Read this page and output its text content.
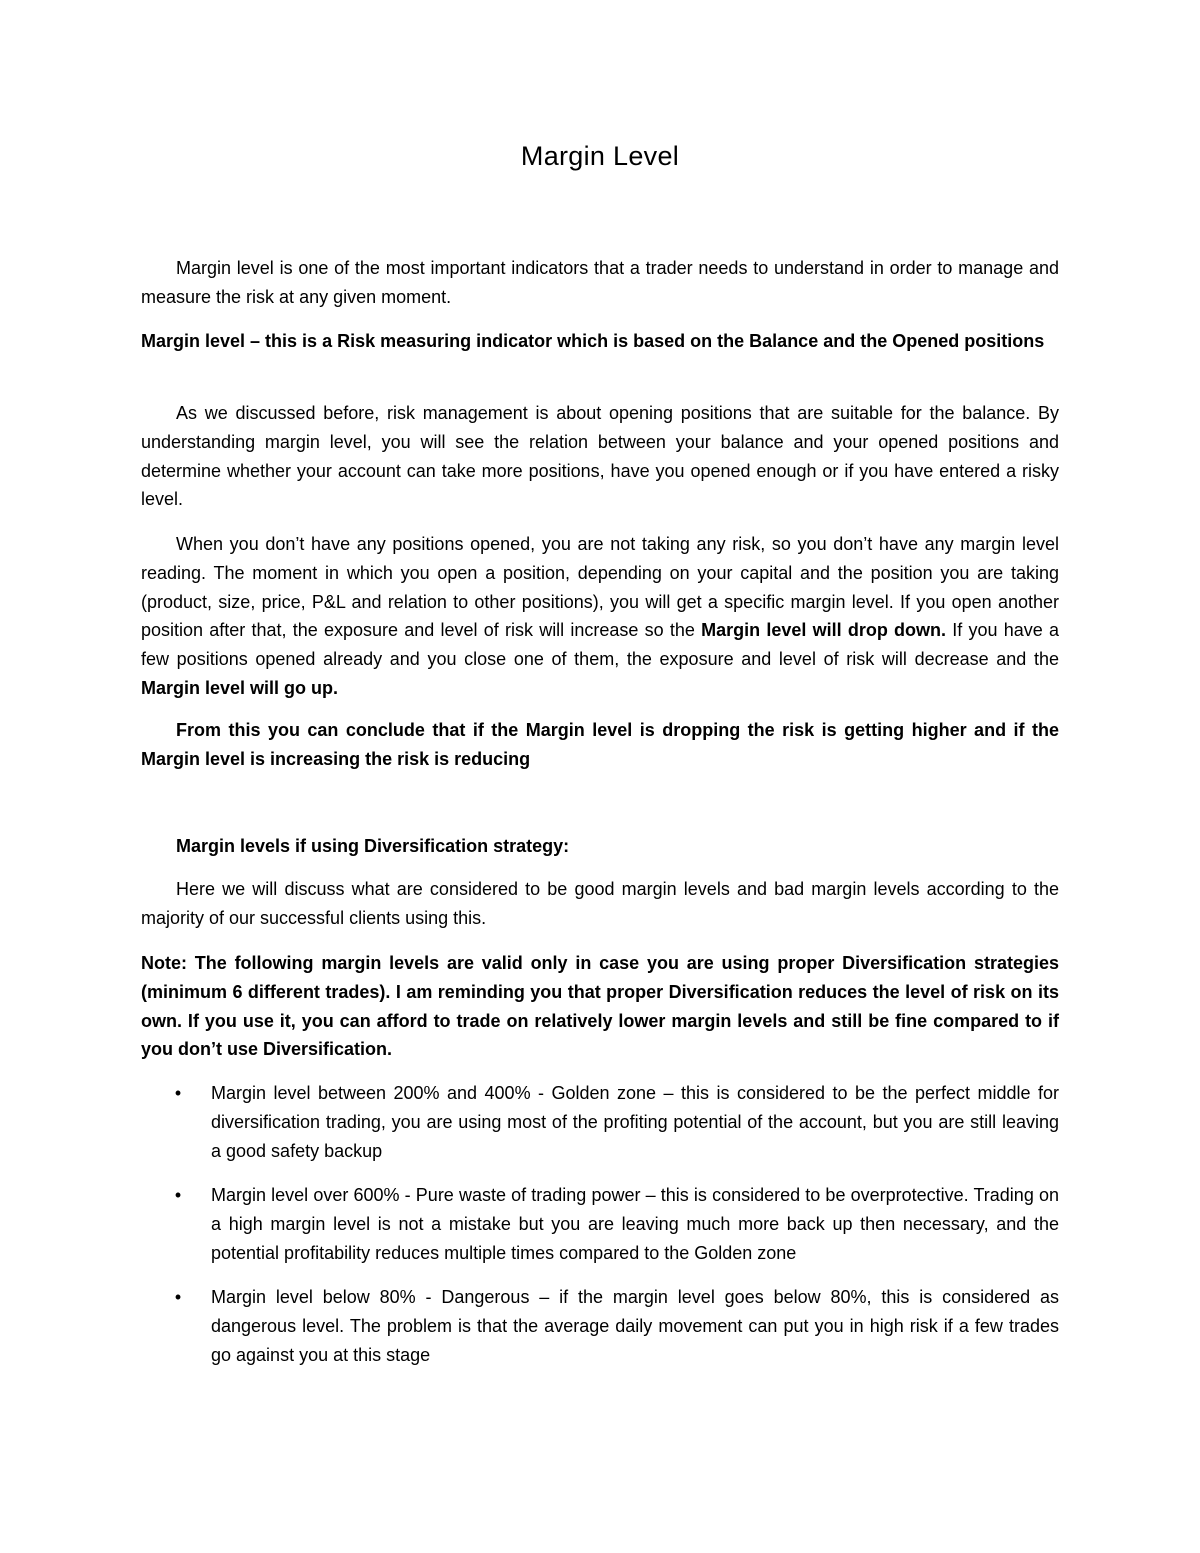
Margin Level

Margin level is one of the most important indicators that a trader needs to understand in order to manage and measure the risk at any given moment.

Margin level – this is a Risk measuring indicator which is based on the Balance and the Opened positions

As we discussed before, risk management is about opening positions that are suitable for the balance. By understanding margin level, you will see the relation between your balance and your opened positions and determine whether your account can take more positions, have you opened enough or if you have entered a risky level.

When you don’t have any positions opened, you are not taking any risk, so you don’t have any margin level reading. The moment in which you open a position, depending on your capital and the position you are taking (product, size, price, P&L and relation to other positions), you will get a specific margin level. If you open another position after that, the exposure and level of risk will increase so the Margin level will drop down. If you have a few positions opened already and you close one of them, the exposure and level of risk will decrease and the Margin level will go up.

From this you can conclude that if the Margin level is dropping the risk is getting higher and if the Margin level is increasing the risk is reducing

Margin levels if using Diversification strategy:

Here we will discuss what are considered to be good margin levels and bad margin levels according to the majority of our successful clients using this.

Note: The following margin levels are valid only in case you are using proper Diversification strategies (minimum 6 different trades). I am reminding you that proper Diversification reduces the level of risk on its own. If you use it, you can afford to trade on relatively lower margin levels and still be fine compared to if you don’t use Diversification.

• Margin level between 200% and 400% - Golden zone – this is considered to be the perfect middle for diversification trading, you are using most of the profiting potential of the account, but you are still leaving a good safety backup
• Margin level over 600% - Pure waste of trading power – this is considered to be overprotective. Trading on a high margin level is not a mistake but you are leaving much more back up then necessary, and the potential profitability reduces multiple times compared to the Golden zone
• Margin level below 80% - Dangerous – if the margin level goes below 80%, this is considered as dangerous level. The problem is that the average daily movement can put you in high risk if a few trades go against you at this stage
